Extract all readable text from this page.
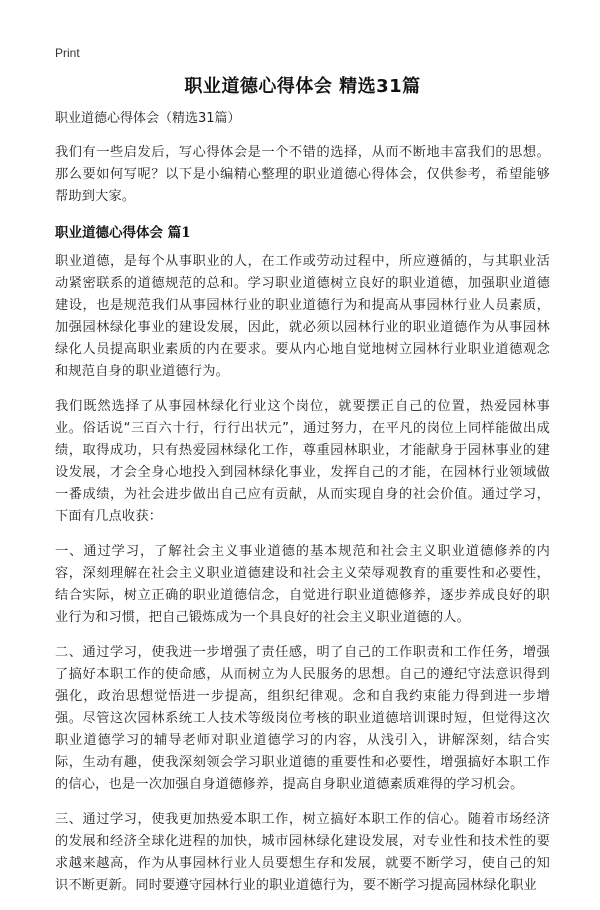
Print
职业道德心得体会 精选31篇
职业道德心得体会（精选31篇）

我们有一些启发后，写心得体会是一个不错的选择，从而不断地丰富我们的思想。那么要如何写呢？以下是小编精心整理的职业道德心得体会，仅供参考，希望能够帮助到大家。

职业道德心得体会 篇1

职业道德，是每个从事职业的人，在工作或劳动过程中，所应遵循的，与其职业活动紧密联系的道德规范的总和。学习职业道德树立良好的职业道德，加强职业道德建设，也是规范我们从事园林行业的职业道德行为和提高从事园林行业人员素质，加强园林绿化事业的建设发展，因此，就必须以园林行业的职业道德作为从事园林绿化人员提高职业素质的内在要求。要从内心地自觉地树立园林行业职业道德观念和规范自身的职业道德行为。

我们既然选择了从事园林绿化行业这个岗位，就要摆正自己的位置，热爱园林事业。俗话说“三百六十行，行行出状元”，通过努力，在平凡的岗位上同样能做出成绩，取得成功，只有热爱园林绿化工作，尊重园林职业，才能献身于园林事业的建设发展，才会全身心地投入到园林绿化事业，发挥自己的才能，在园林行业领域做一番成绩，为社会进步做出自己应有贡献，从而实现自身的社会价值。通过学习，下面有几点收获：

一、通过学习，了解社会主义事业道德的基本规范和社会主义职业道德修养的内容，深刻理解在社会主义职业道德建设和社会主义荣辱观教育的重要性和必要性，结合实际，树立正确的职业道德信念，自觉进行职业道德修养，逐步养成良好的职业行为和习惯，把自己锻炼成为一个具良好的社会主义职业道德的人。

二、通过学习，使我进一步增强了责任感，明了自己的工作职责和工作任务，增强了搞好本职工作的使命感，从而树立为人民服务的思想。自己的遵纪守法意识得到强化，政治思想觉悟进一步提高，组织纪律观。念和自我约束能力得到进一步增强。尽管这次园林系统工人技术等级岗位考核的职业道德培训课时短，但觉得这次职业道德学习的辅导老师对职业道德学习的内容，从浅引入，讲解深刻，结合实际，生动有趣，使我深刻领会学习职业道德的重要性和必要性，增强搞好本职工作的信心，也是一次加强自身道德修养，提高自身职业道德素质难得的学习机会。

三、通过学习，使我更加热爱本职工作，树立搞好本职工作的信心。随着市场经济的发展和经济全球化进程的加快，城市园林绿化建设发展，对专业性和技术性的要求越来越高，作为从事园林行业人员要想生存和发展，就要不断学习，使自己的知识不断更新。同时要遵守园林行业的职业道德行为，要不断学习提高园林绿化职业
